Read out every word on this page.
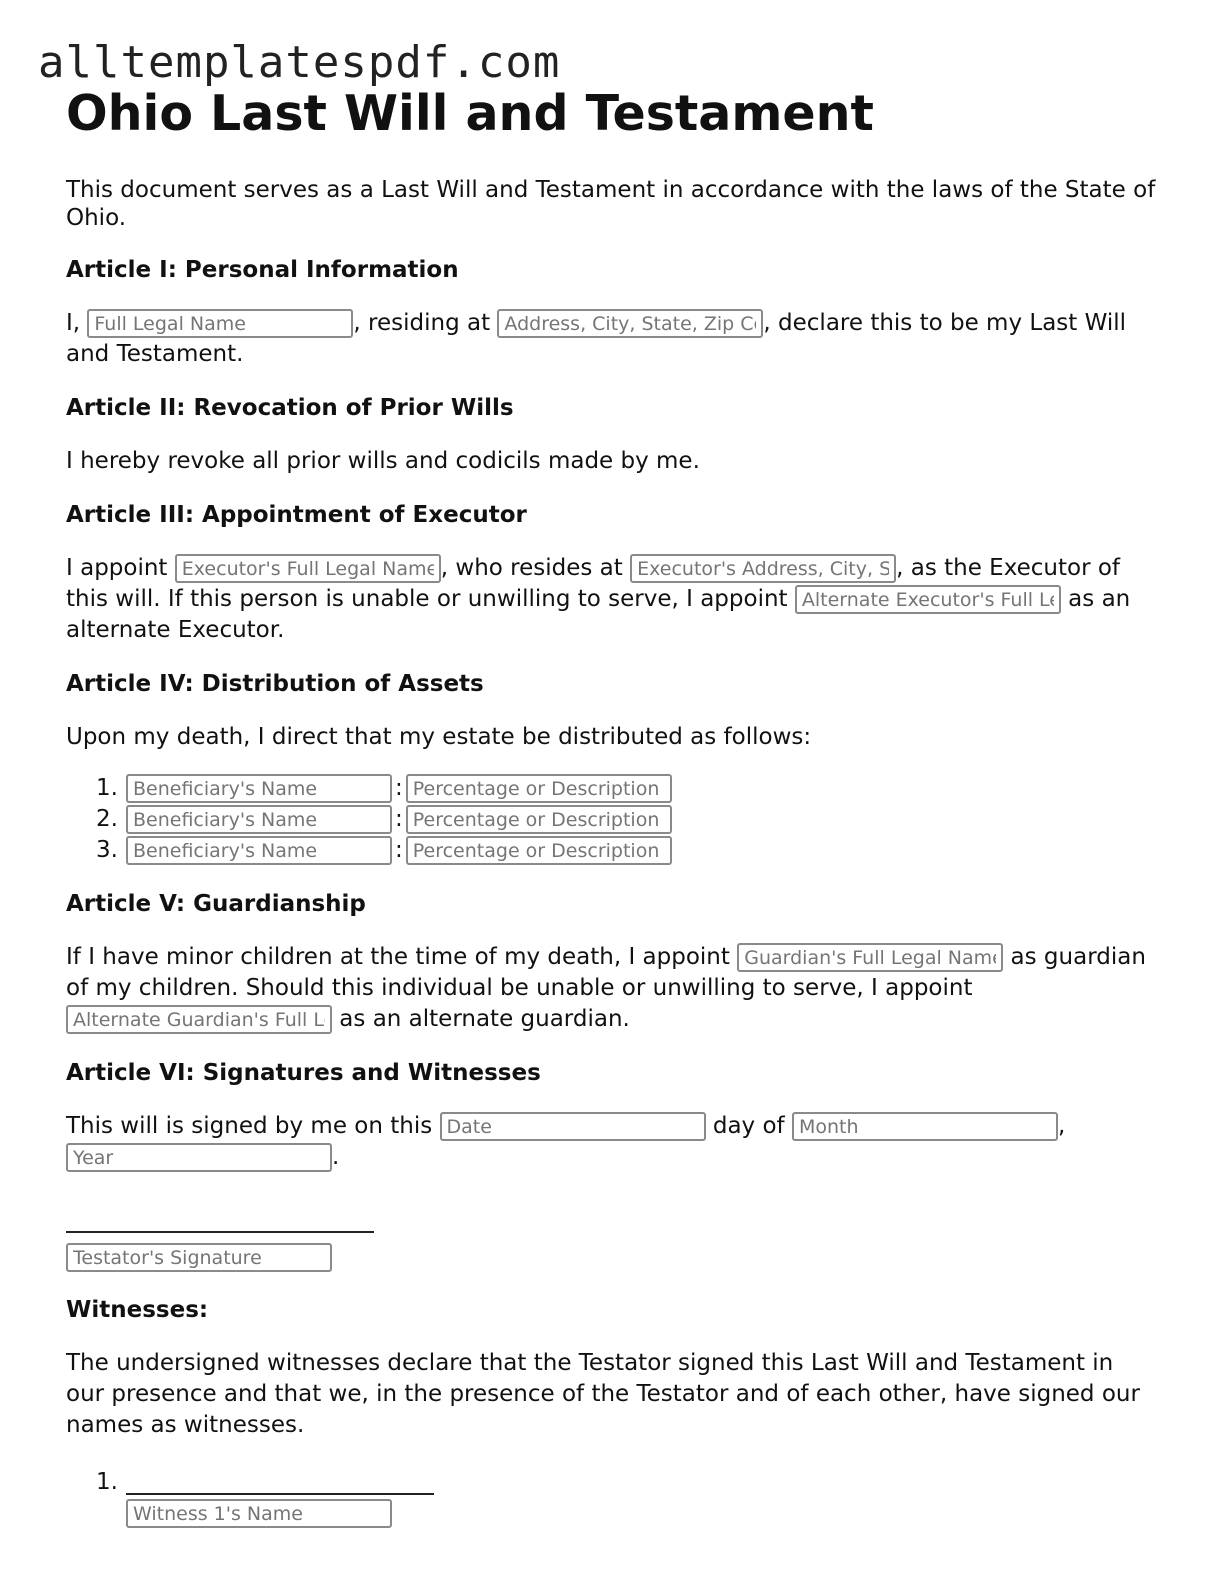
alltemplatespdf.com
Ohio Last Will and Testament

This document serves as a Last Will and Testament in accordance with the laws of the State of Ohio.

Article I: Personal Information

I, Full Legal Name	, residing at Address, City, State, Zip Code	, declare this to be my Last Will and Testament.

Article II: Revocation of Prior Wills

I hereby revoke all prior wills and codicils made by me.

Article III: Appointment of Executor

I appoint Executor's Full Legal Name	, who resides at Executor's Address, City, State, Zip Code	, as the Executor of this will. If this person is unable or unwilling to serve, I appoint Alternate Executor's Full Legal Name	as an alternate Executor.

Article IV: Distribution of Assets

Upon my death, I direct that my estate be distributed as follows:

1.
Beneficiary's Name	:
Percentage or Description
2.
Beneficiary's Name	:
Percentage or Description
3.
Beneficiary's Name	:
Percentage or Description
Article V: Guardianship

If I have minor children at the time of my death, I appoint Guardian's Full Legal Name	as guardian of my children. Should this individual be unable or unwilling to serve, I appoint Alternate Guardian's Full Legal Name as an alternate guardian.

Article VI: Signatures and Witnesses

This will is signed by me on this Date	day of Month	, Year.

Testator's Signature
Witnesses:

The undersigned witnesses declare that the Testator signed this Last Will and Testament in our presence and that we, in the presence of the Testator and of each other, have signed our names as witnesses.

1.
Witness 1's Name
